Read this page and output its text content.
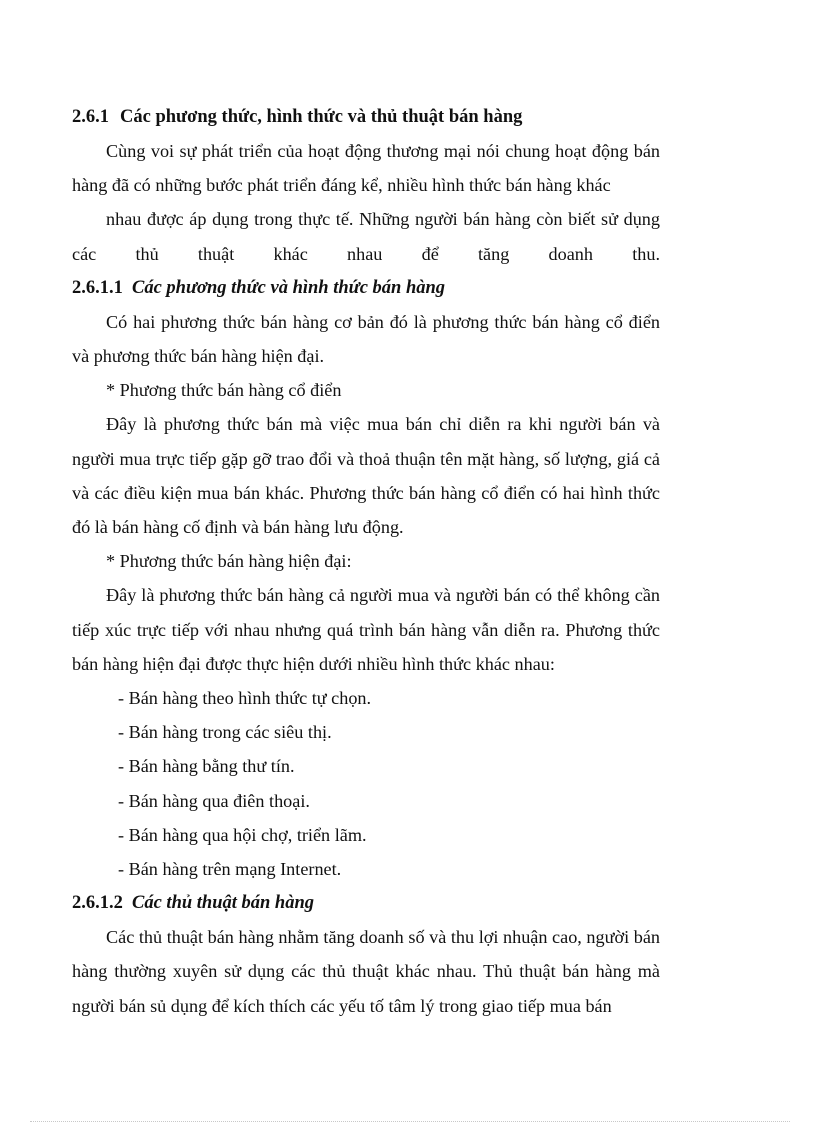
2.6.1 Các phương thức, hình thức và thủ thuật bán hàng

Cùng voi sự phát triển của hoạt động thương mại nói chung hoạt động bán hàng đã có những bước phát triển đáng kể, nhiều hình thức bán hàng khác

nhau được áp dụng trong thực tế. Những người bán hàng còn biết sử dụng các thủ thuật khác nhau để tăng doanh thu.

2.6.1.1 Các phương thức và hình thức bán hàng

Có hai phương thức bán hàng cơ bản đó là phương thức bán hàng cổ điển và phương thức bán hàng hiện đại.

* Phương thức bán hàng cổ điển

Đây là phương thức bán mà việc mua bán chỉ diễn ra khi người bán và người mua trực tiếp gặp gỡ trao đổi và thoả thuận tên mặt hàng, số lượng, giá cả và các điều kiện mua bán khác. Phương thức bán hàng cổ điển có hai hình thức đó là bán hàng cố định và bán hàng lưu động.

* Phương thức bán hàng hiện đại:

Đây là phương thức bán hàng cả người mua và người bán có thể không cần tiếp xúc trực tiếp với nhau nhưng quá trình bán hàng vẫn diễn ra. Phương thức bán hàng hiện đại được thực hiện dưới nhiều hình thức khác nhau:

- Bán hàng theo hình thức tự chọn.
- Bán hàng trong các siêu thị.
- Bán hàng bằng thư tín.
- Bán hàng qua điên thoại.
- Bán hàng qua hội chợ, triển lãm.
- Bán hàng trên mạng Internet.
2.6.1.2 Các thủ thuật bán hàng

Các thủ thuật bán hàng nhằm tăng doanh số và thu lợi nhuận cao, người bán hàng thường xuyên sử dụng các thủ thuật khác nhau. Thủ thuật bán hàng mà người bán sủ dụng để kích thích các yếu tố tâm lý trong giao tiếp mua bán
